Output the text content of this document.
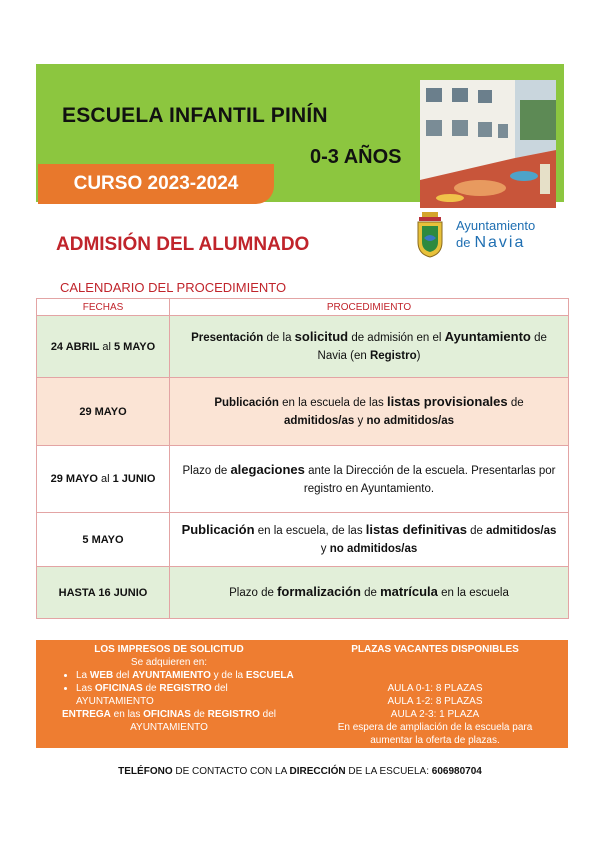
ESCUELA INFANTIL PINÍN
0-3 AÑOS
CURSO 2023-2024
ADMISIÓN DEL ALUMNADO
Ayuntamiento
de Navia
CALENDARIO DEL PROCEDIMIENTO
FECHAS	PROCEDIMIENTO
24 ABRIL al 5 MAYO	Presentación de la solicitud de admisión en el Ayuntamiento de Navia (en Registro)
29 MAYO	Publicación en la escuela de las listas provisionales de admitidos/as y no admitidos/as
29 MAYO al 1 JUNIO	Plazo de alegaciones ante la Dirección de la escuela. Presentarlas por registro en Ayuntamiento.
5 MAYO	Publicación en la escuela, de las listas definitivas de admitidos/as y no admitidos/as
HASTA 16 JUNIO	Plazo de formalización de matrícula en la escuela
LOS IMPRESOS DE SOLICITUD
Se adquieren en:
• La WEB del AYUNTAMIENTO y de la ESCUELA
• Las OFICINAS de REGISTRO del AYUNTAMIENTO
ENTREGA en las OFICINAS de REGISTRO del AYUNTAMIENTO
PLAZAS VACANTES DISPONIBLES
AULA 0-1: 8 PLAZAS
AULA 1-2: 8 PLAZAS
AULA 2-3: 1 PLAZA
En espera de ampliación de la escuela para aumentar la oferta de plazas.
TELÉFONO DE CONTACTO CON LA DIRECCIÓN DE LA ESCUELA: 606980704
